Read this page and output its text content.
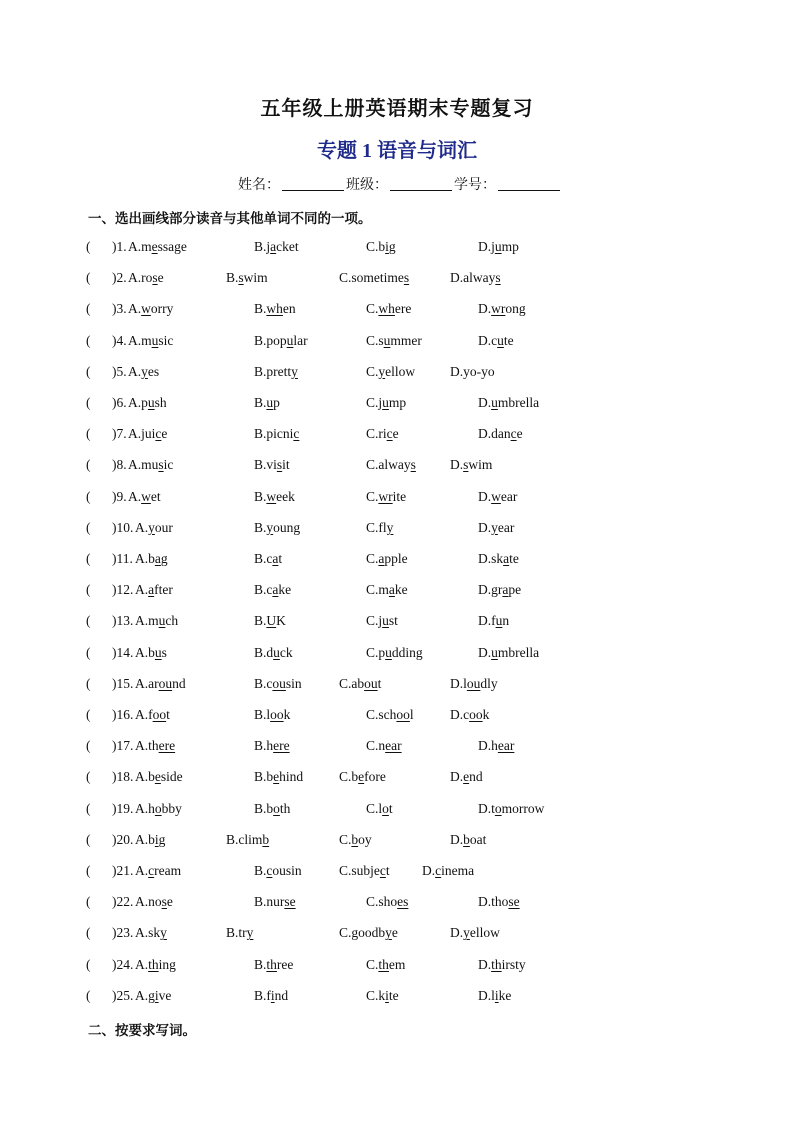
五年级上册英语期末专题复习
专题 1 语音与词汇
姓名：	班级：	学号：
一、选出画线部分读音与其他单词不同的一项。
( )1. A.message	B.jacket	C.big	D.jump
( )2. A.rose	B.swim	C.sometimes	D.always
( )3. A.worry	B.when	C.where	D.wrong
( )4. A.music	B.popular	C.summer	D.cute
( )5. A.yes	B.pretty	C.yellow	D.yo-yo
( )6. A.push	B.up	C.jump	D.umbrella
( )7. A.juice	B.picnic	C.rice	D.dance
( )8. A.music	B.visit	C.always	D.swim
( )9. A.wet	B.week	C.write	D.wear
( )10. A.your	B.young	C.fly	D.year
( )11. A.bag	B.cat	C.apple	D.skate
( )12. A.after	B.cake	C.make	D.grape
( )13. A.much	B.UK	C.just	D.fun
( )14. A.bus	B.duck	C.pudding	D.umbrella
( )15. A.around	B.cousin	C.about	D.loudly
( )16. A.foot	B.look	C.school	D.cook
( )17. A.there	B.here	C.near	D.hear
( )18. A.beside	B.behind	C.before	D.end
( )19. A.hobby	B.both	C.lot	D.tomorrow
( )20. A.big	B.climb	C.boy	D.boat
( )21. A.cream	B.cousin	C.subject D.cinema
( )22. A.nose	B.nurse	C.shoes	D.those
( )23. A.sky	B.try	C.goodbye	D.yellow
( )24. A.thing	B.three	C.them	D.thirsty
( )25. A.give	B.find	C.kite	D.like
二、按要求写词。
